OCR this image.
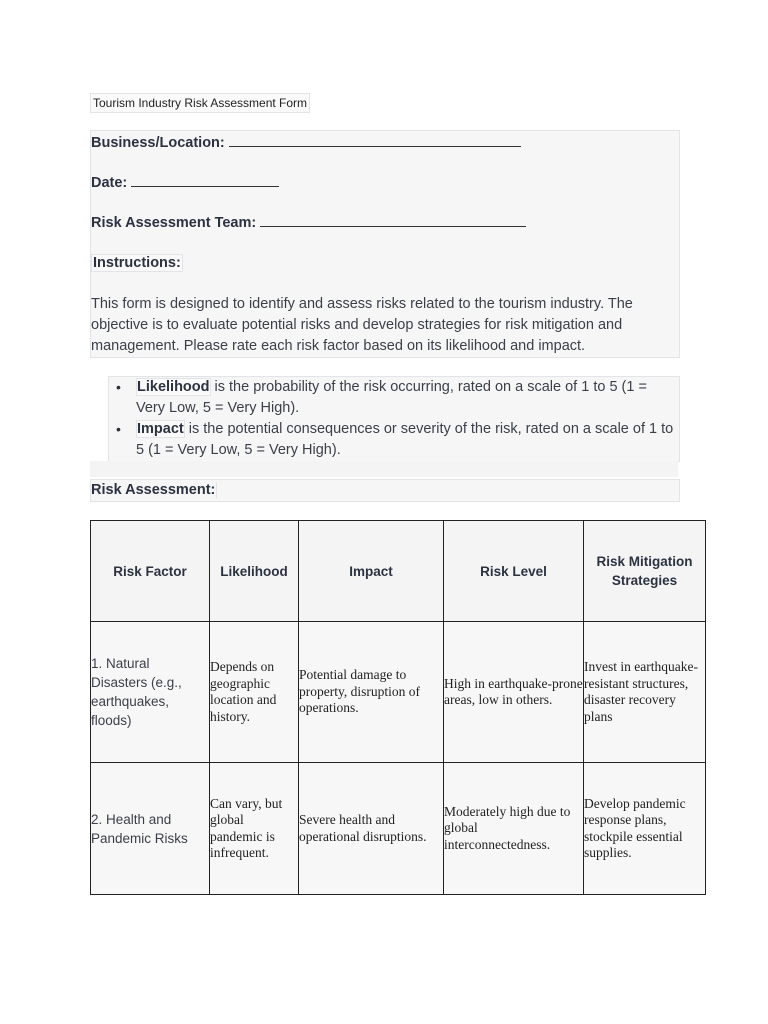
Tourism Industry Risk Assessment Form
Business/Location:
Date:
Risk Assessment Team:
Instructions:
This form is designed to identify and assess risks related to the tourism industry. The objective is to evaluate potential risks and develop strategies for risk mitigation and management. Please rate each risk factor based on its likelihood and impact.
• Likelihood is the probability of the risk occurring, rated on a scale of 1 to 5 (1 = Very Low, 5 = Very High).
• Impact is the potential consequences or severity of the risk, rated on a scale of 1 to 5 (1 = Very Low, 5 = Very High).
Risk Assessment:
Risk Factor	Likelihood	Impact	Risk Level	Risk Mitigation Strategies
1. Natural Disasters (e.g., earthquakes, floods)	Depends on geographic location and history.	Potential damage to property, disruption of operations.	High in earthquake-prone areas, low in others.	Invest in earthquake-resistant structures, disaster recovery plans
2. Health and Pandemic Risks	Can vary, but global pandemic is infrequent.	Severe health and operational disruptions.	Moderately high due to global interconnectedness.	Develop pandemic response plans, stockpile essential supplies.
